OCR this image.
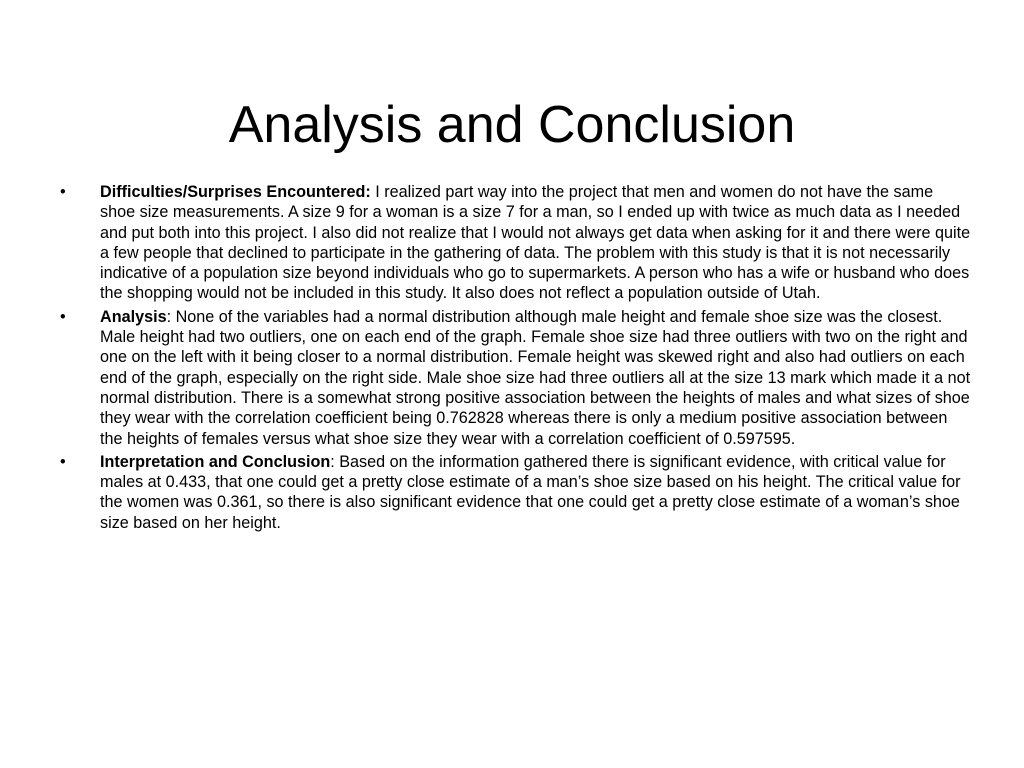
Analysis and Conclusion
• Difficulties/Surprises Encountered: I realized part way into the project that men and women do not have the same shoe size measurements. A size 9 for a woman is a size 7 for a man, so I ended up with twice as much data as I needed and put both into this project. I also did not realize that I would not always get data when asking for it and there were quite a few people that declined to participate in the gathering of data. The problem with this study is that it is not necessarily indicative of a population size beyond individuals who go to supermarkets. A person who has a wife or husband who does the shopping would not be included in this study. It also does not reflect a population outside of Utah.
• Analysis: None of the variables had a normal distribution although male height and female shoe size was the closest. Male height had two outliers, one on each end of the graph. Female shoe size had three outliers with two on the right and one on the left with it being closer to a normal distribution. Female height was skewed right and also had outliers on each end of the graph, especially on the right side. Male shoe size had three outliers all at the size 13 mark which made it a not normal distribution. There is a somewhat strong positive association between the heights of males and what sizes of shoe they wear with the correlation coefficient being 0.762828 whereas there is only a medium positive association between the heights of females versus what shoe size they wear with a correlation coefficient of 0.597595.
• Interpretation and Conclusion: Based on the information gathered there is significant evidence, with critical value for males at 0.433, that one could get a pretty close estimate of a man’s shoe size based on his height. The critical value for the women was 0.361, so there is also significant evidence that one could get a pretty close estimate of a woman’s shoe size based on her height.
